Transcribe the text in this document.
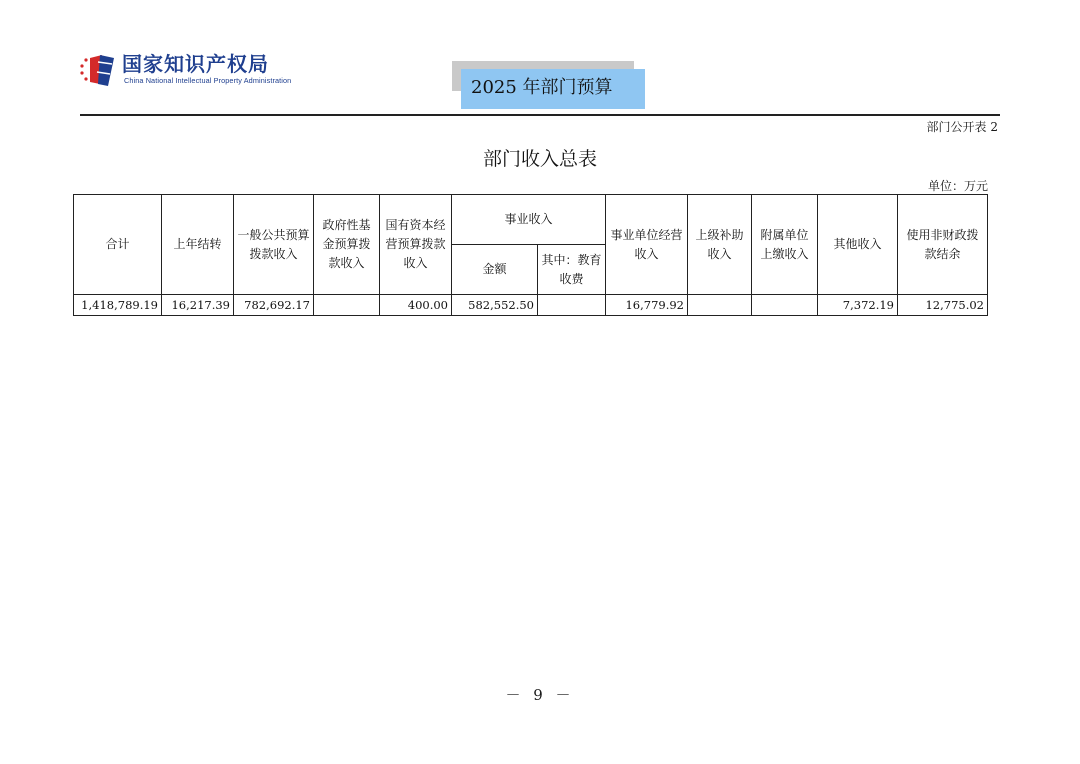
国家知识产权局
China National Intellectual Property Administration	2025 年部门预算
部门公开表 2
部门收入总表
单位：万元
合计	上年结转	一般公共预算拨款收入	政府性基金预算拨款收入	国有资本经营预算拨款收入	事业收入		事业单位经营收入	上级补助收入	附属单位上缴收入	其他收入	使用非财政拨款结余
					金额	其中：教育收费					
1,418,789.19	16,217.39	782,692.17		400.00	582,552.50		16,779.92			7,372.19	12,775.02
－ 9 －
